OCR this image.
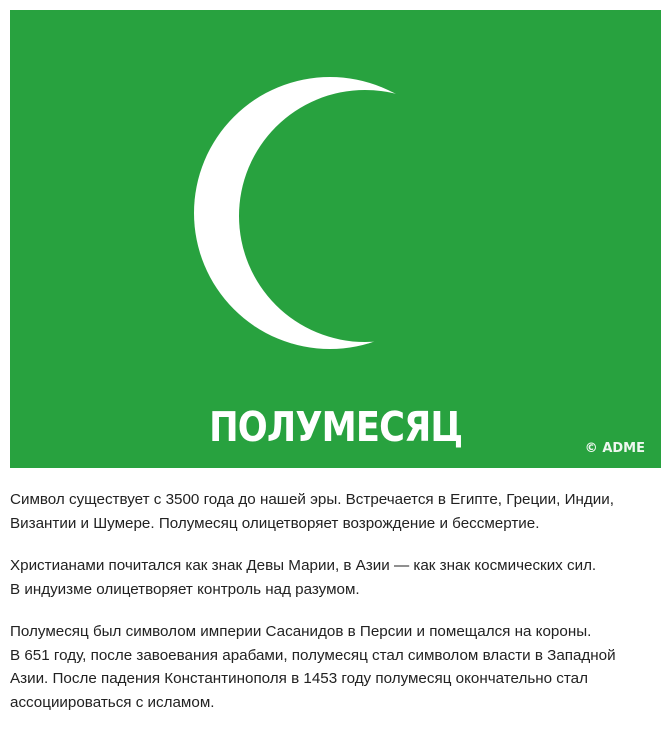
ПОЛУМЕСЯЦ	© ADME

Символ существует с 3500 года до нашей эры. Встречается в Египте, Греции, Индии,
Византии и Шумере. Полумесяц олицетворяет возрождение и бессмертие.

Христианами почитался как знак Девы Марии, в Азии — как знак космических сил.
В индуизме олицетворяет контроль над разумом.

Полумесяц был символом империи Сасанидов в Персии и помещался на короны.
В 651 году, после завоевания арабами, полумесяц стал символом власти в Западной
Азии. После падения Константинополя в 1453 году полумесяц окончательно стал
ассоциироваться с исламом.
